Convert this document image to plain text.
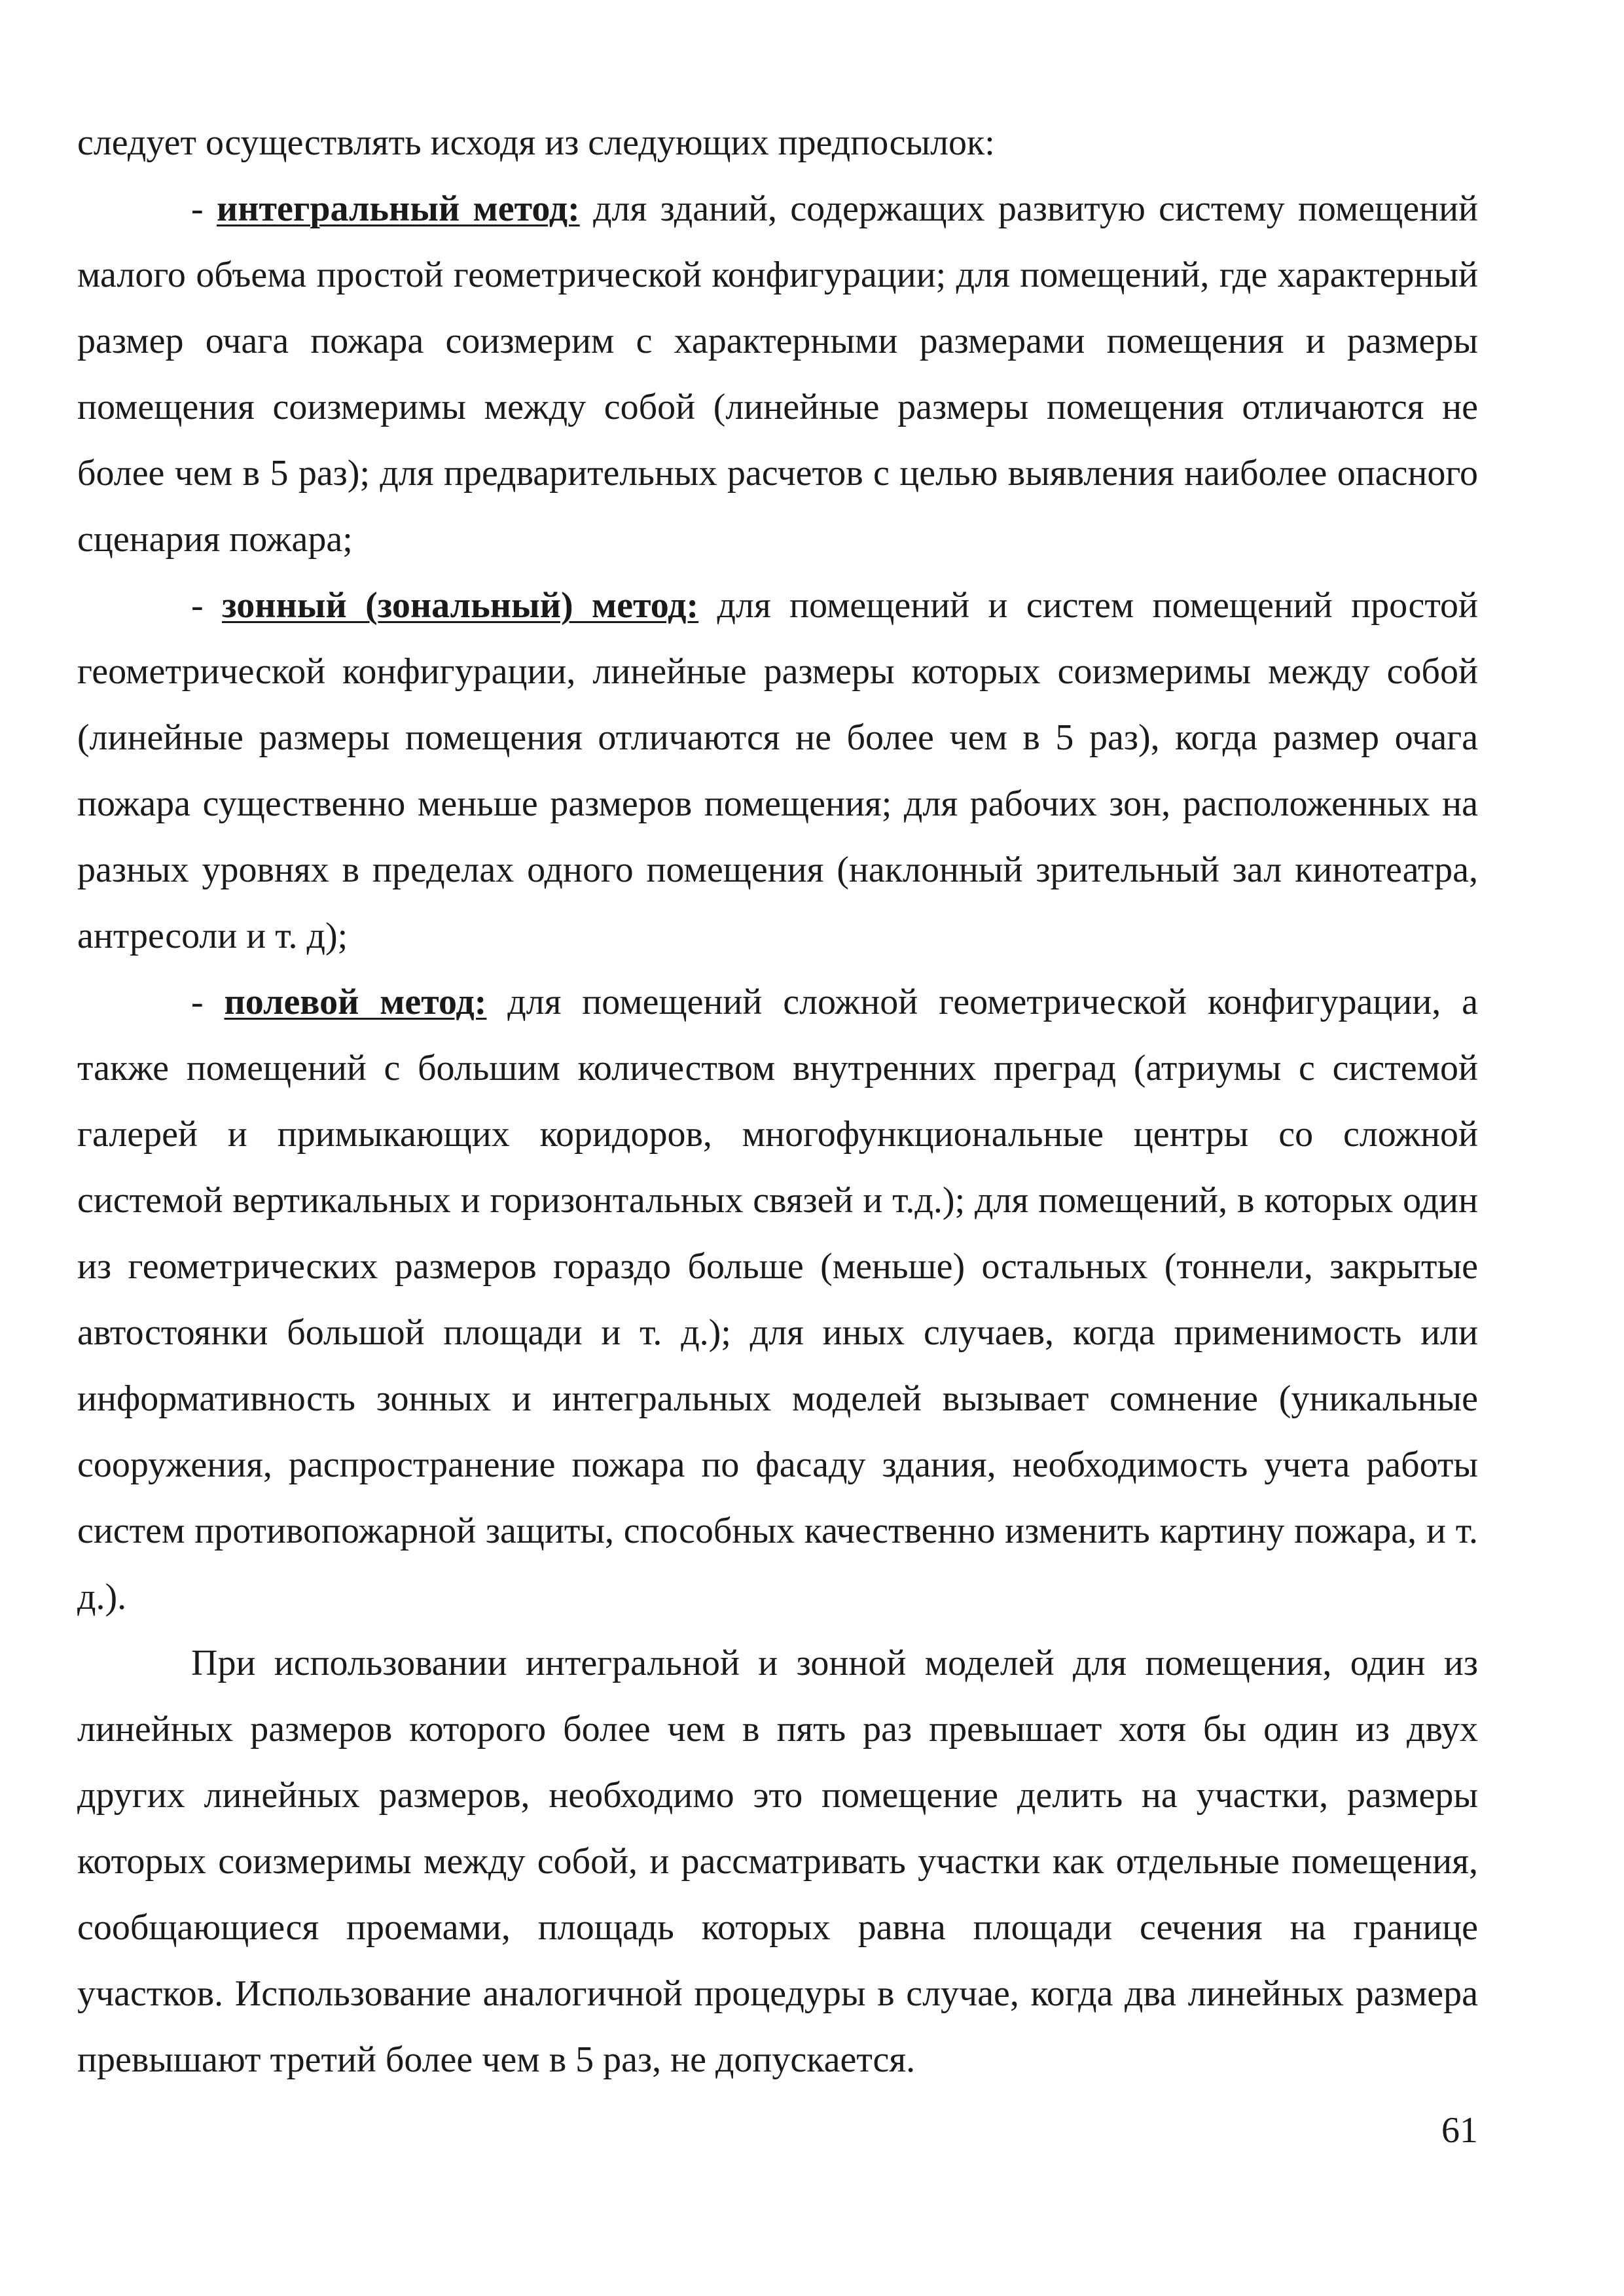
следует осуществлять исходя из следующих предпосылок:

- интегральный метод: для зданий, содержащих развитую систему помещений малого объема простой геометрической конфигурации; для помещений, где характерный размер очага пожара соизмерим с характерными размерами помещения и размеры помещения соизмеримы между собой (линейные размеры помещения отличаются не более чем в 5 раз); для предварительных расчетов с целью выявления наиболее опасного сценария пожара;

- зонный (зональный) метод: для помещений и систем помещений простой геометрической конфигурации, линейные размеры которых соизмеримы между собой (линейные размеры помещения отличаются не более чем в 5 раз), когда размер очага пожара существенно меньше размеров помещения; для рабочих зон, расположенных на разных уровнях в пределах одного помещения (наклонный зрительный зал кинотеатра, антресоли и т. д);

- полевой метод: для помещений сложной геометрической конфигурации, а также помещений с большим количеством внутренних преград (атриумы с системой галерей и примыкающих коридоров, многофункциональные центры со сложной системой вертикальных и горизонтальных связей и т.д.); для помещений, в которых один из геометрических размеров гораздо больше (меньше) остальных (тоннели, закрытые автостоянки большой площади и т. д.); для иных случаев, когда применимость или информативность зонных и интегральных моделей вызывает сомнение (уникальные сооружения, распространение пожара по фасаду здания, необходимость учета работы систем противопожарной защиты, способных качественно изменить картину пожара, и т. д.).

При использовании интегральной и зонной моделей для помещения, один из линейных размеров которого более чем в пять раз превышает хотя бы один из двух других линейных размеров, необходимо это помещение делить на участки, размеры которых соизмеримы между собой, и рассматривать участки как отдельные помещения, сообщающиеся проемами, площадь которых равна площади сечения на границе участков. Использование аналогичной процедуры в случае, когда два линейных размера превышают третий более чем в 5 раз, не допускается.

61
